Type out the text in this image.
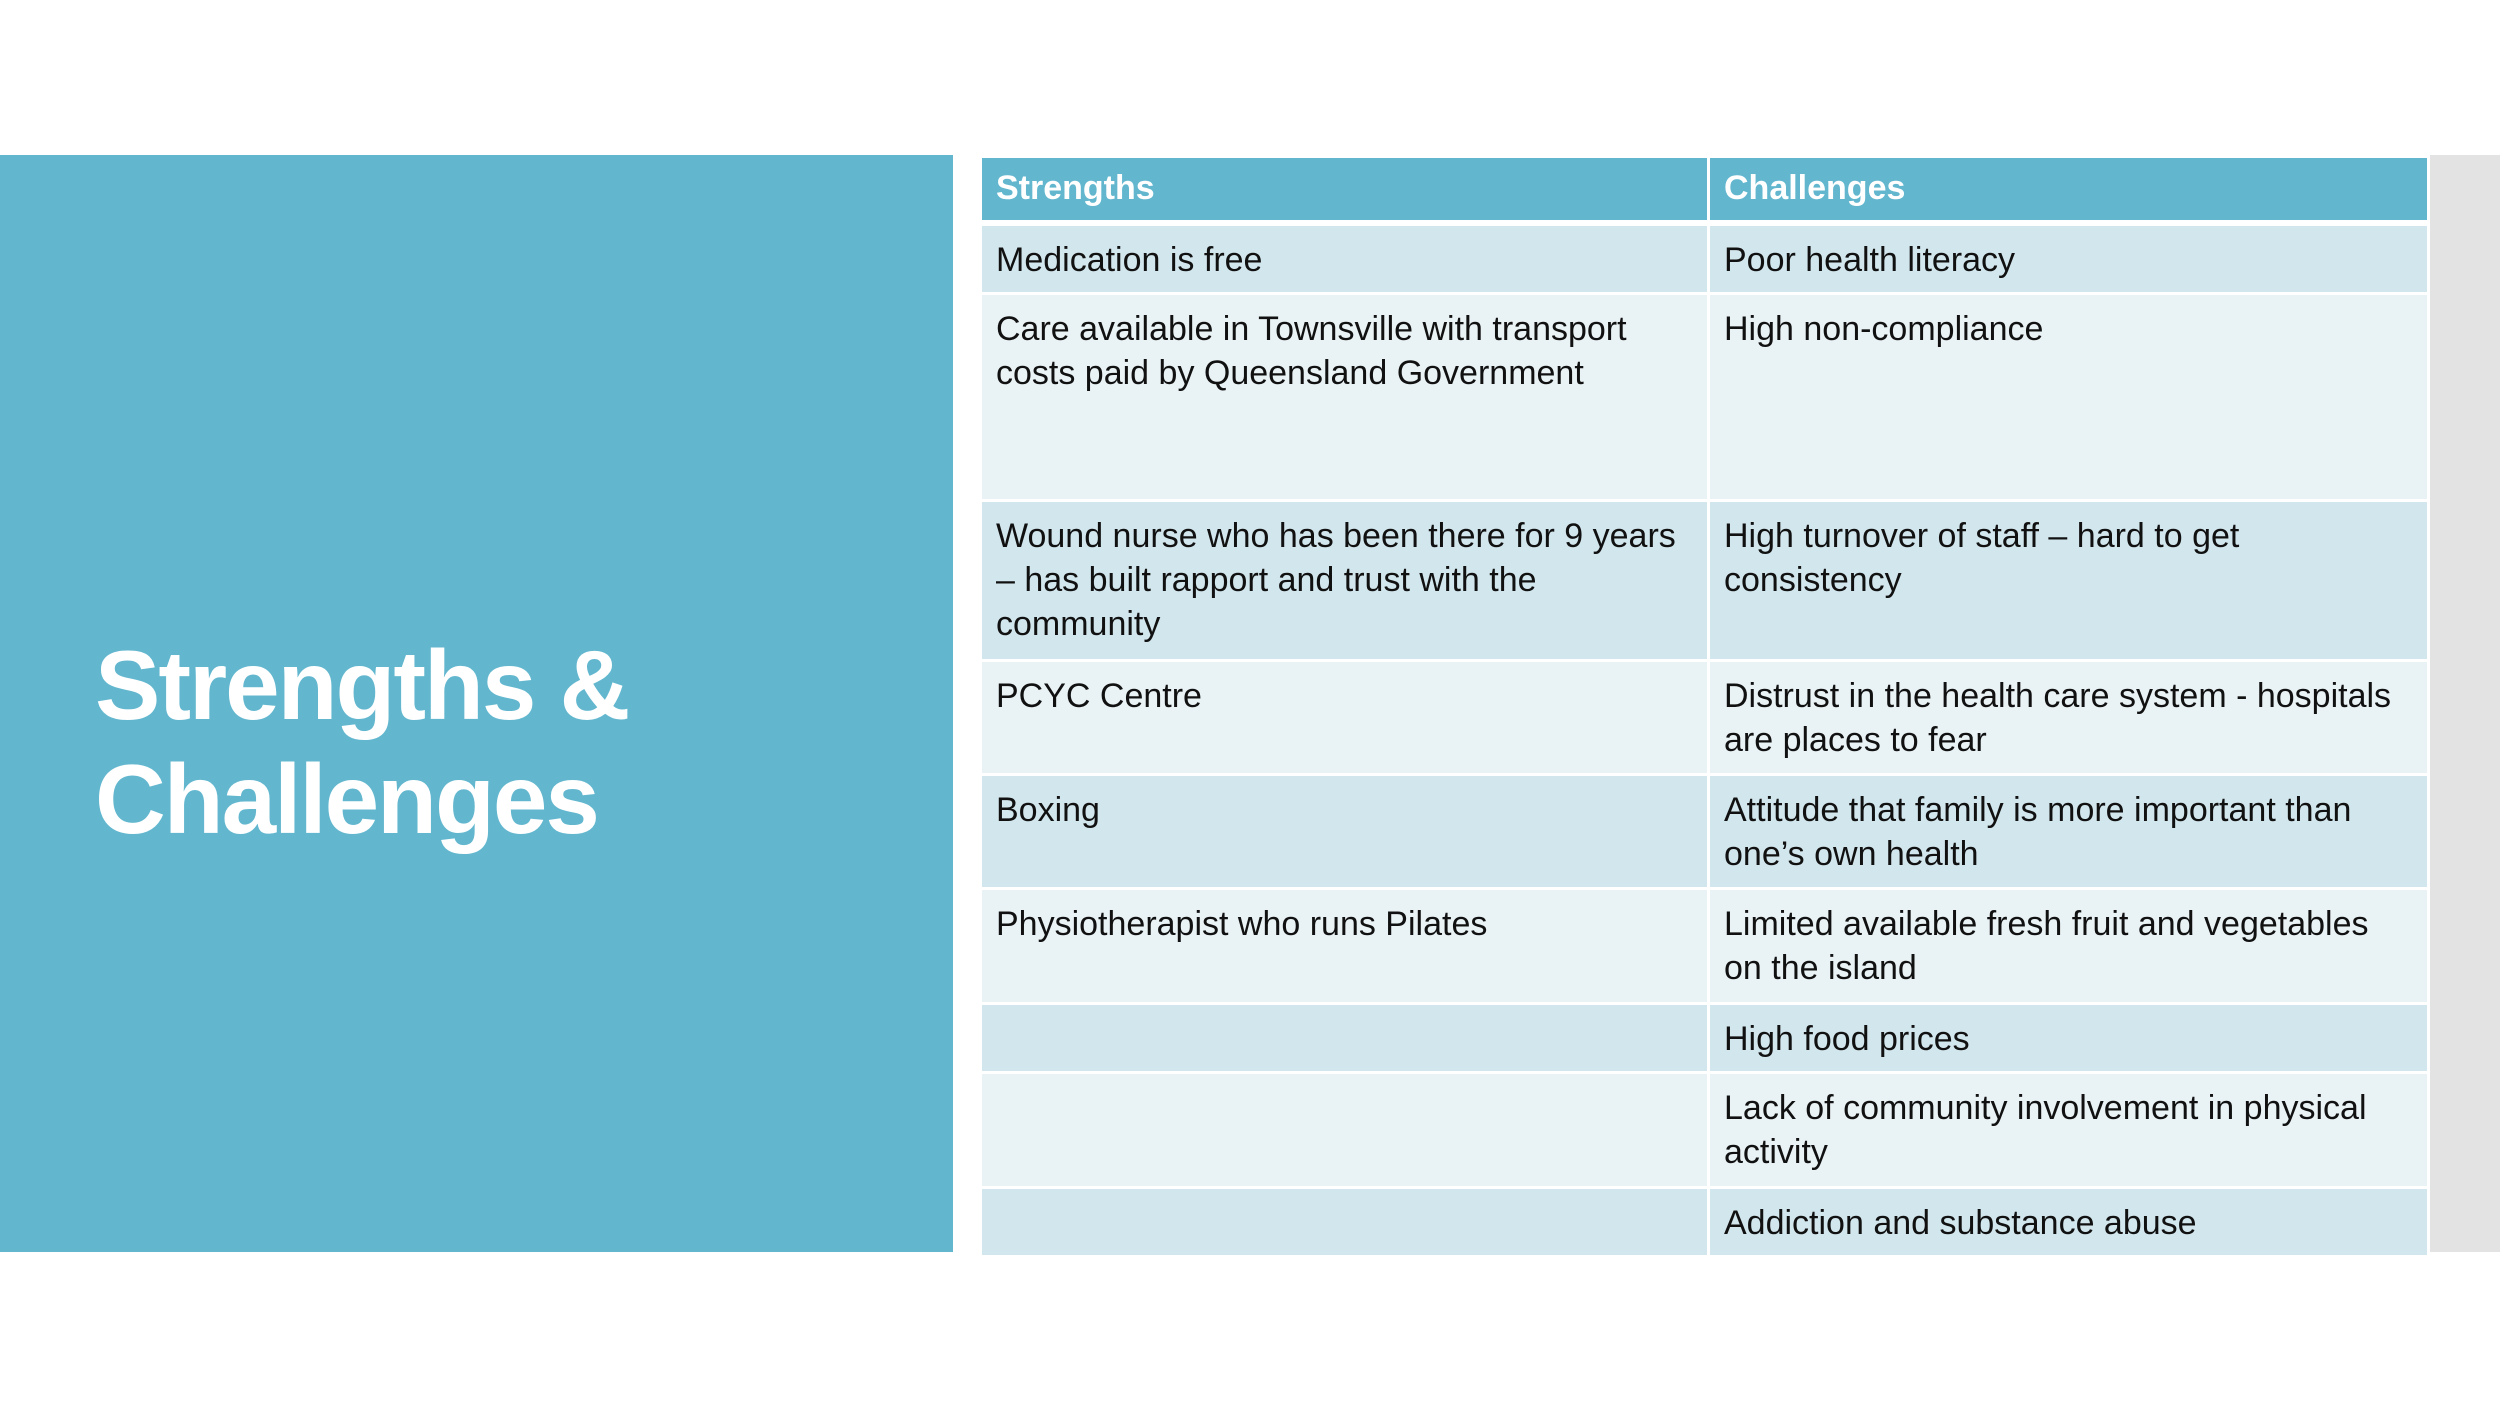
Strengths &
Challenges
Strengths	Challenges
Medication is free	Poor health literacy
Care available in Townsville with transport costs paid by Queensland Government	High non-compliance
Wound nurse who has been there for 9 years – has built rapport and trust with the community	High turnover of staff – hard to get consistency
PCYC Centre	Distrust in the health care system - hospitals are places to fear
Boxing	Attitude that family is more important than one’s own health
Physiotherapist who runs Pilates	Limited available fresh fruit and vegetables on the island
	High food prices
	Lack of community involvement in physical activity
	Addiction and substance abuse
